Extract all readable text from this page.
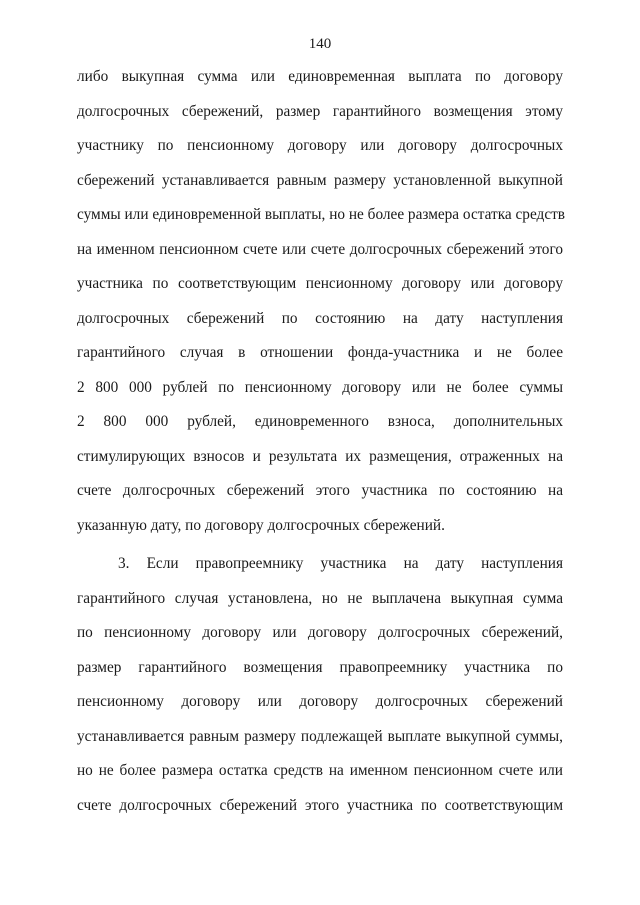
140
либо выкупная сумма или единовременная выплата по договору
долгосрочных сбережений, размер гарантийного возмещения этому
участнику по пенсионному договору или договору долгосрочных
сбережений устанавливается равным размеру установленной выкупной
суммы или единовременной выплаты, но не более размера остатка средств
на именном пенсионном счете или счете долгосрочных сбережений этого
участника по соответствующим пенсионному договору или договору
долгосрочных сбережений по состоянию на дату наступления
гарантийного случая в отношении фонда-участника и не более
2 800 000 рублей по пенсионному договору или не более суммы
2 800 000 рублей, единовременного взноса, дополнительных
стимулирующих взносов и результата их размещения, отраженных на
счете долгосрочных сбережений этого участника по состоянию на
указанную дату, по договору долгосрочных сбережений.
3. Если правопреемнику участника на дату наступления
гарантийного случая установлена, но не выплачена выкупная сумма
по пенсионному договору или договору долгосрочных сбережений,
размер гарантийного возмещения правопреемнику участника по
пенсионному договору или договору долгосрочных сбережений
устанавливается равным размеру подлежащей выплате выкупной суммы,
но не более размера остатка средств на именном пенсионном счете или
счете долгосрочных сбережений этого участника по соответствующим
